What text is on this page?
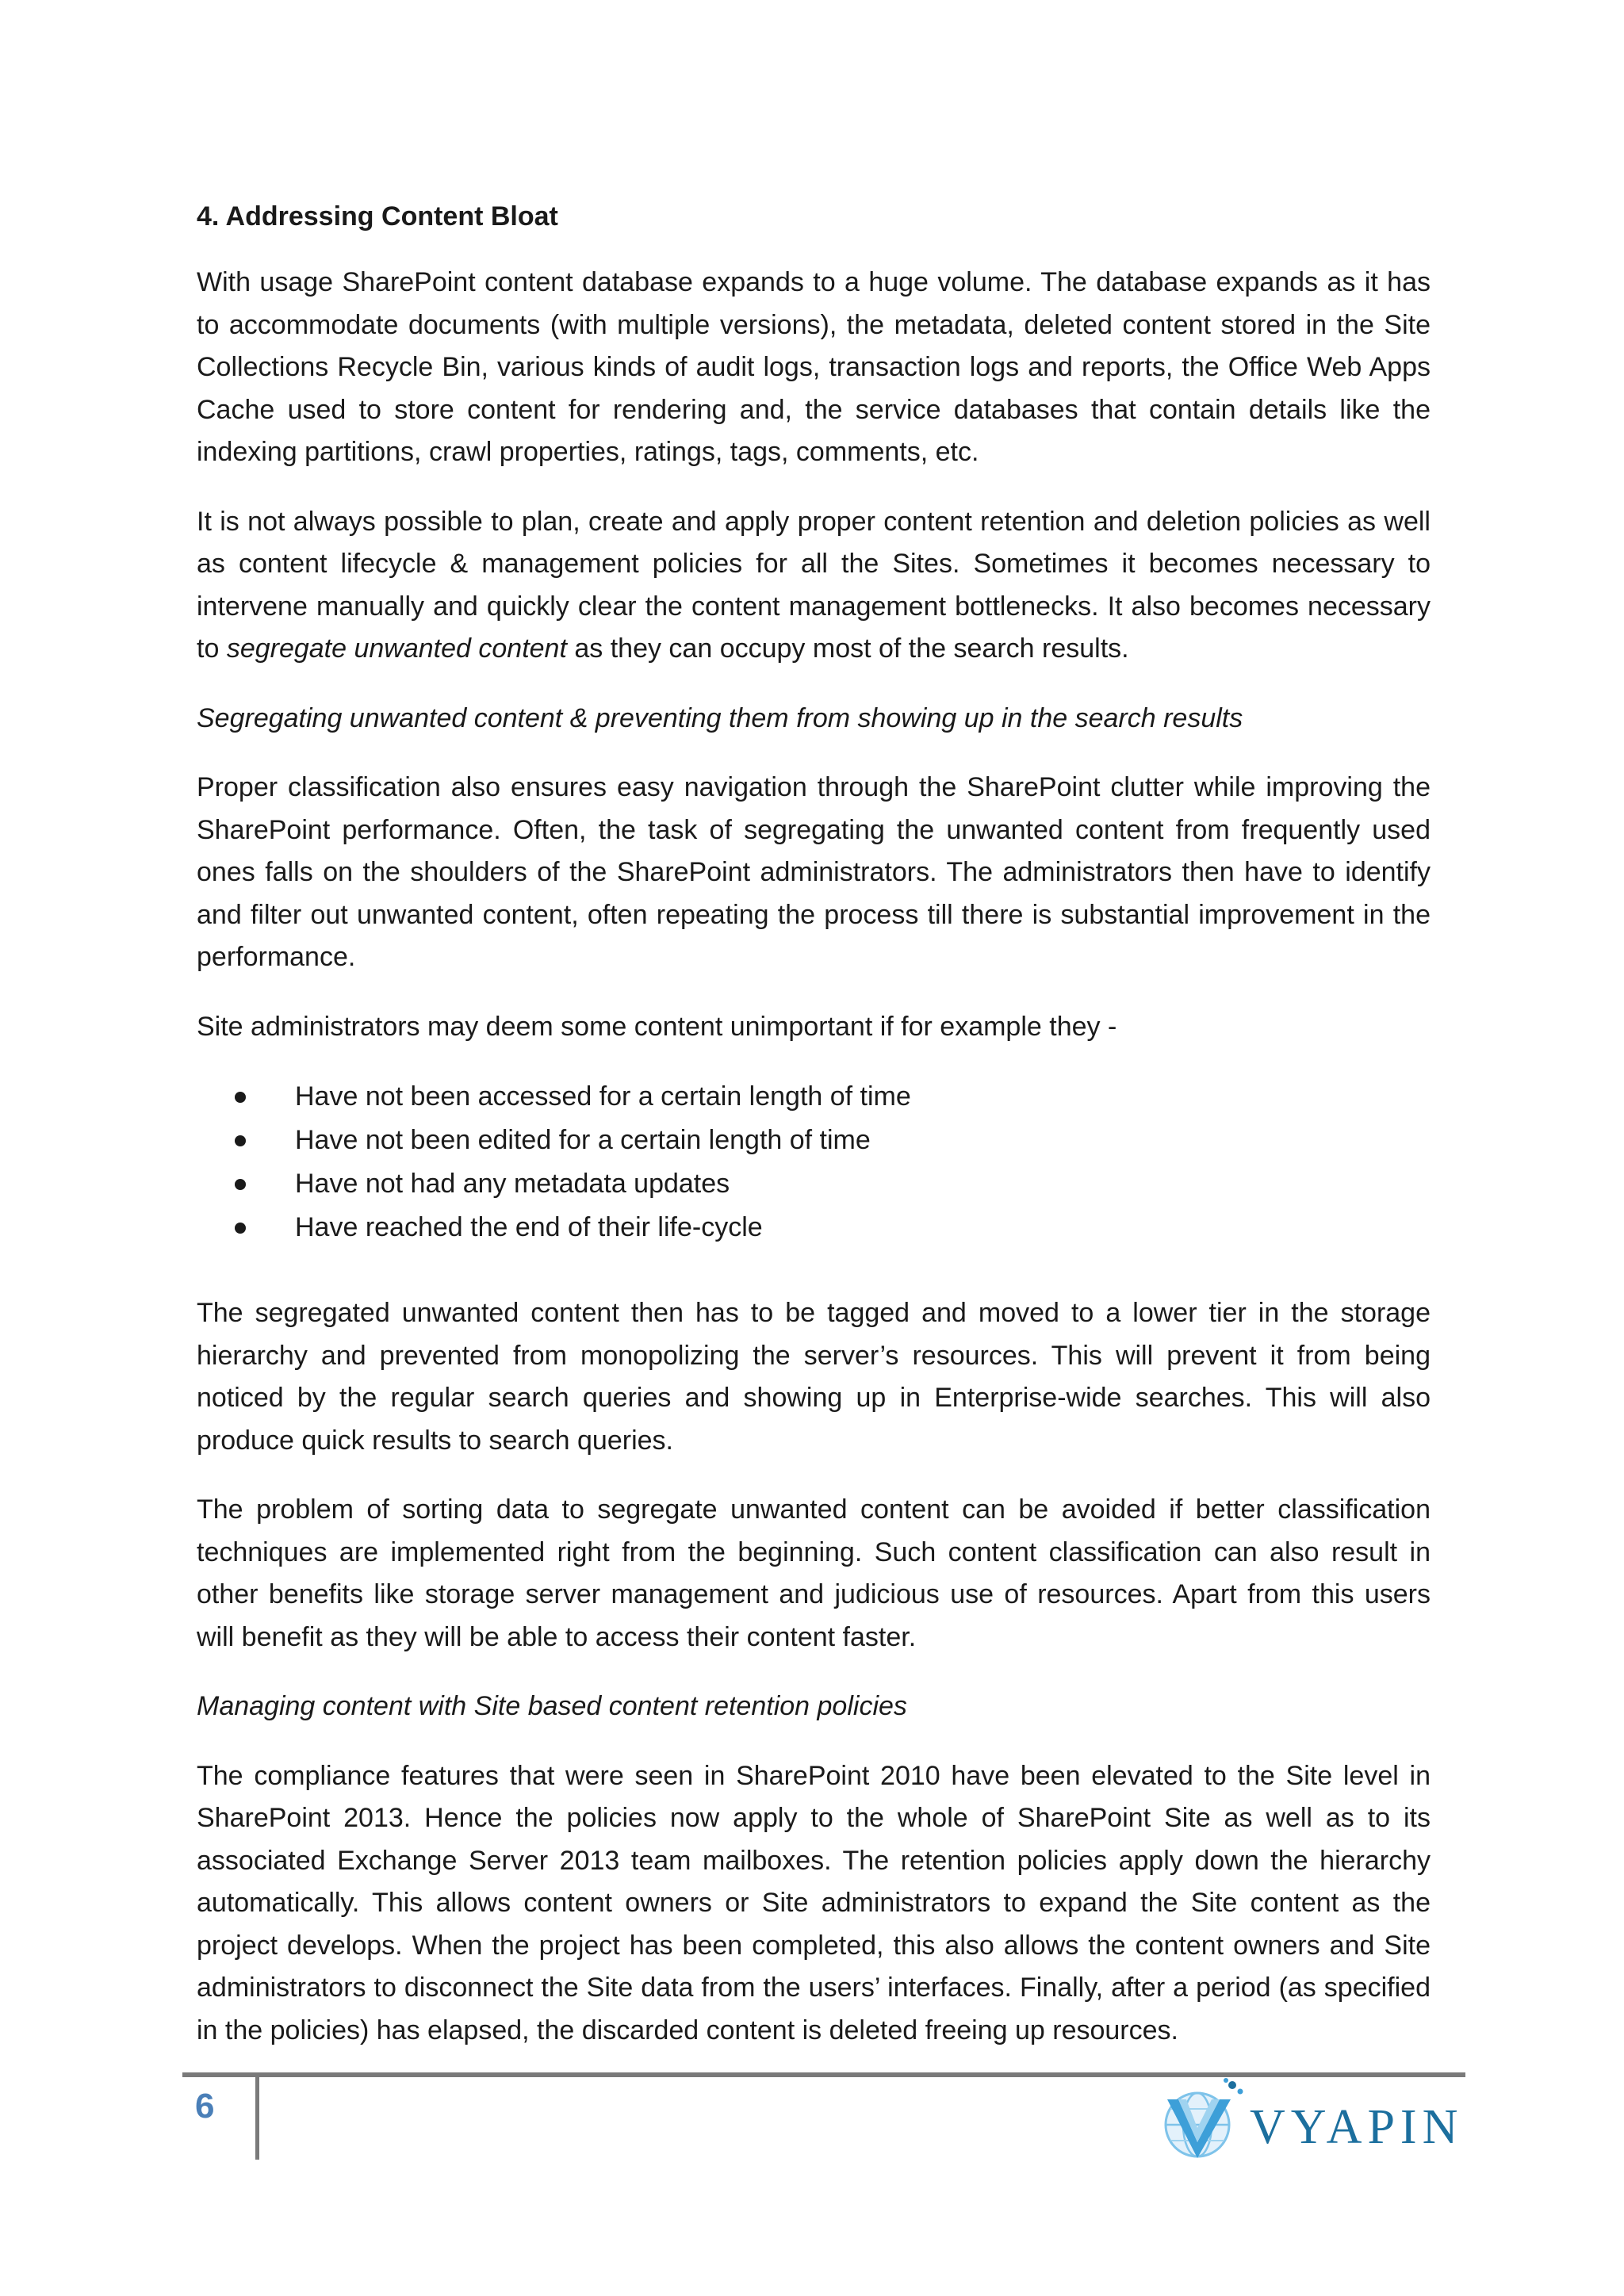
4. Addressing Content Bloat

With usage SharePoint content database expands to a huge volume. The database expands as it has to accommodate documents (with multiple versions), the metadata, deleted content stored in the Site Collections Recycle Bin, various kinds of audit logs, transaction logs and reports, the Office Web Apps Cache used to store content for rendering and, the service databases that contain details like the indexing partitions, crawl properties, ratings, tags, comments, etc.

It is not always possible to plan, create and apply proper content retention and deletion policies as well as content lifecycle & management policies for all the Sites. Sometimes it becomes necessary to intervene manually and quickly clear the content management bottlenecks. It also becomes necessary to segregate unwanted content as they can occupy most of the search results.

Segregating unwanted content & preventing them from showing up in the search results

Proper classification also ensures easy navigation through the SharePoint clutter while improving the SharePoint performance. Often, the task of segregating the unwanted content from frequently used ones falls on the shoulders of the SharePoint administrators. The administrators then have to identify and filter out unwanted content, often repeating the process till there is substantial improvement in the performance.

Site administrators may deem some content unimportant if for example they -

Have not been accessed for a certain length of time
Have not been edited for a certain length of time
Have not had any metadata updates
Have reached the end of their life-cycle

The segregated unwanted content then has to be tagged and moved to a lower tier in the storage hierarchy and prevented from monopolizing the server’s resources. This will prevent it from being noticed by the regular search queries and showing up in Enterprise-wide searches. This will also produce quick results to search queries.

The problem of sorting data to segregate unwanted content can be avoided if better classification techniques are implemented right from the beginning. Such content classification can also result in other benefits like storage server management and judicious use of resources. Apart from this users will benefit as they will be able to access their content faster.

Managing content with Site based content retention policies

The compliance features that were seen in SharePoint 2010 have been elevated to the Site level in SharePoint 2013. Hence the policies now apply to the whole of SharePoint Site as well as to its associated Exchange Server 2013 team mailboxes. The retention policies apply down the hierarchy automatically. This allows content owners or Site administrators to expand the Site content as the project develops. When the project has been completed, this also allows the content owners and Site administrators to disconnect the Site data from the users’ interfaces. Finally, after a period (as specified in the policies) has elapsed, the discarded content is deleted freeing up resources.

6	VYAPIN
